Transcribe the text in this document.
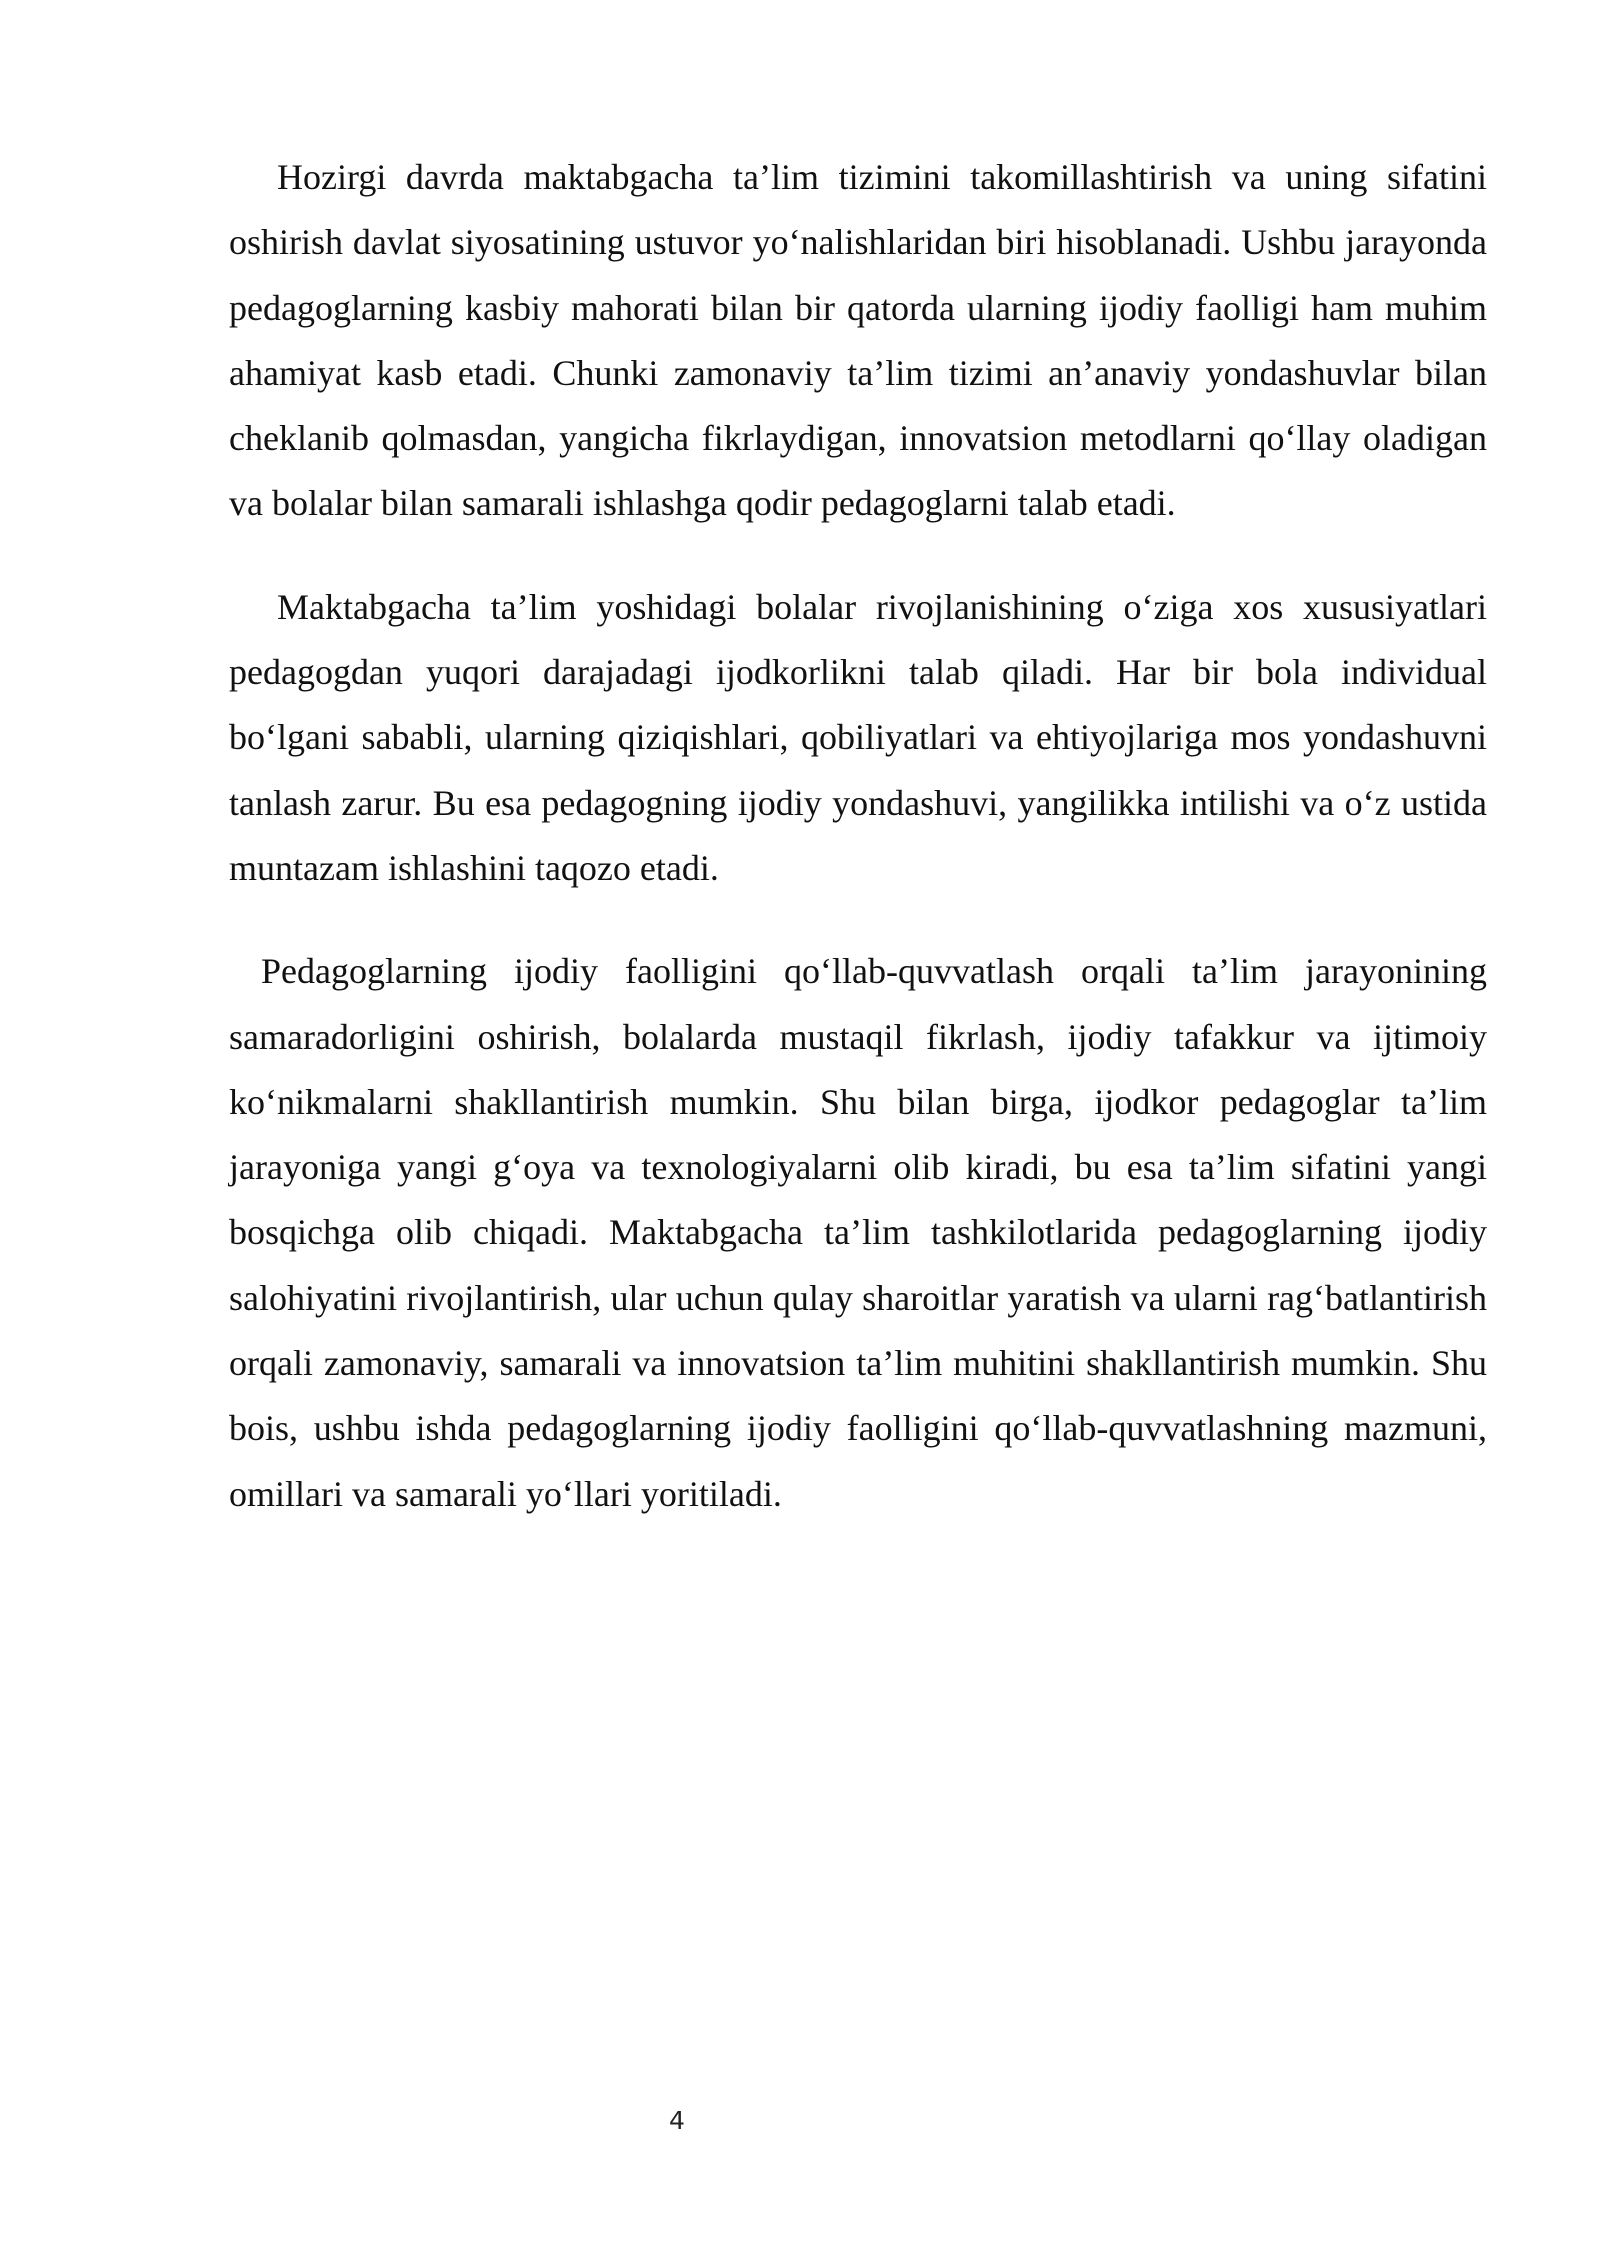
Hozirgi davrda maktabgacha ta’lim tizimini takomillashtirish va uning sifatini oshirish davlat siyosatining ustuvor yo‘nalishlaridan biri hisoblanadi. Ushbu jarayonda pedagoglarning kasbiy mahorati bilan bir qatorda ularning ijodiy faolligi ham muhim ahamiyat kasb etadi. Chunki zamonaviy ta’lim tizimi an’anaviy yondashuvlar bilan cheklanib qolmasdan, yangicha fikrlaydigan, innovatsion metodlarni qo‘llay oladigan va bolalar bilan samarali ishlashga qodir pedagoglarni talab etadi.

Maktabgacha ta’lim yoshidagi bolalar rivojlanishining o‘ziga xos xususiyatlari pedagogdan yuqori darajadagi ijodkorlikni talab qiladi. Har bir bola individual bo‘lgani sababli, ularning qiziqishlari, qobiliyatlari va ehtiyojlariga mos yondashuvni tanlash zarur. Bu esa pedagogning ijodiy yondashuvi, yangilikka intilishi va o‘z ustida muntazam ishlashini taqozo etadi.

Pedagoglarning ijodiy faolligini qo‘llab-quvvatlash orqali ta’lim jarayonining samaradorligini oshirish, bolalarda mustaqil fikrlash, ijodiy tafakkur va ijtimoiy ko‘nikmalarni shakllantirish mumkin. Shu bilan birga, ijodkor pedagoglar ta’lim jarayoniga yangi g‘oya va texnologiyalarni olib kiradi, bu esa ta’lim sifatini yangi bosqichga olib chiqadi. Maktabgacha ta’lim tashkilotlarida pedagoglarning ijodiy salohiyatini rivojlantirish, ular uchun qulay sharoitlar yaratish va ularni rag‘batlantirish orqali zamonaviy, samarali va innovatsion ta’lim muhitini shakllantirish mumkin. Shu bois, ushbu ishda pedagoglarning ijodiy faolligini qo‘llab-quvvatlashning mazmuni, omillari va samarali yo‘llari yoritiladi.

4
